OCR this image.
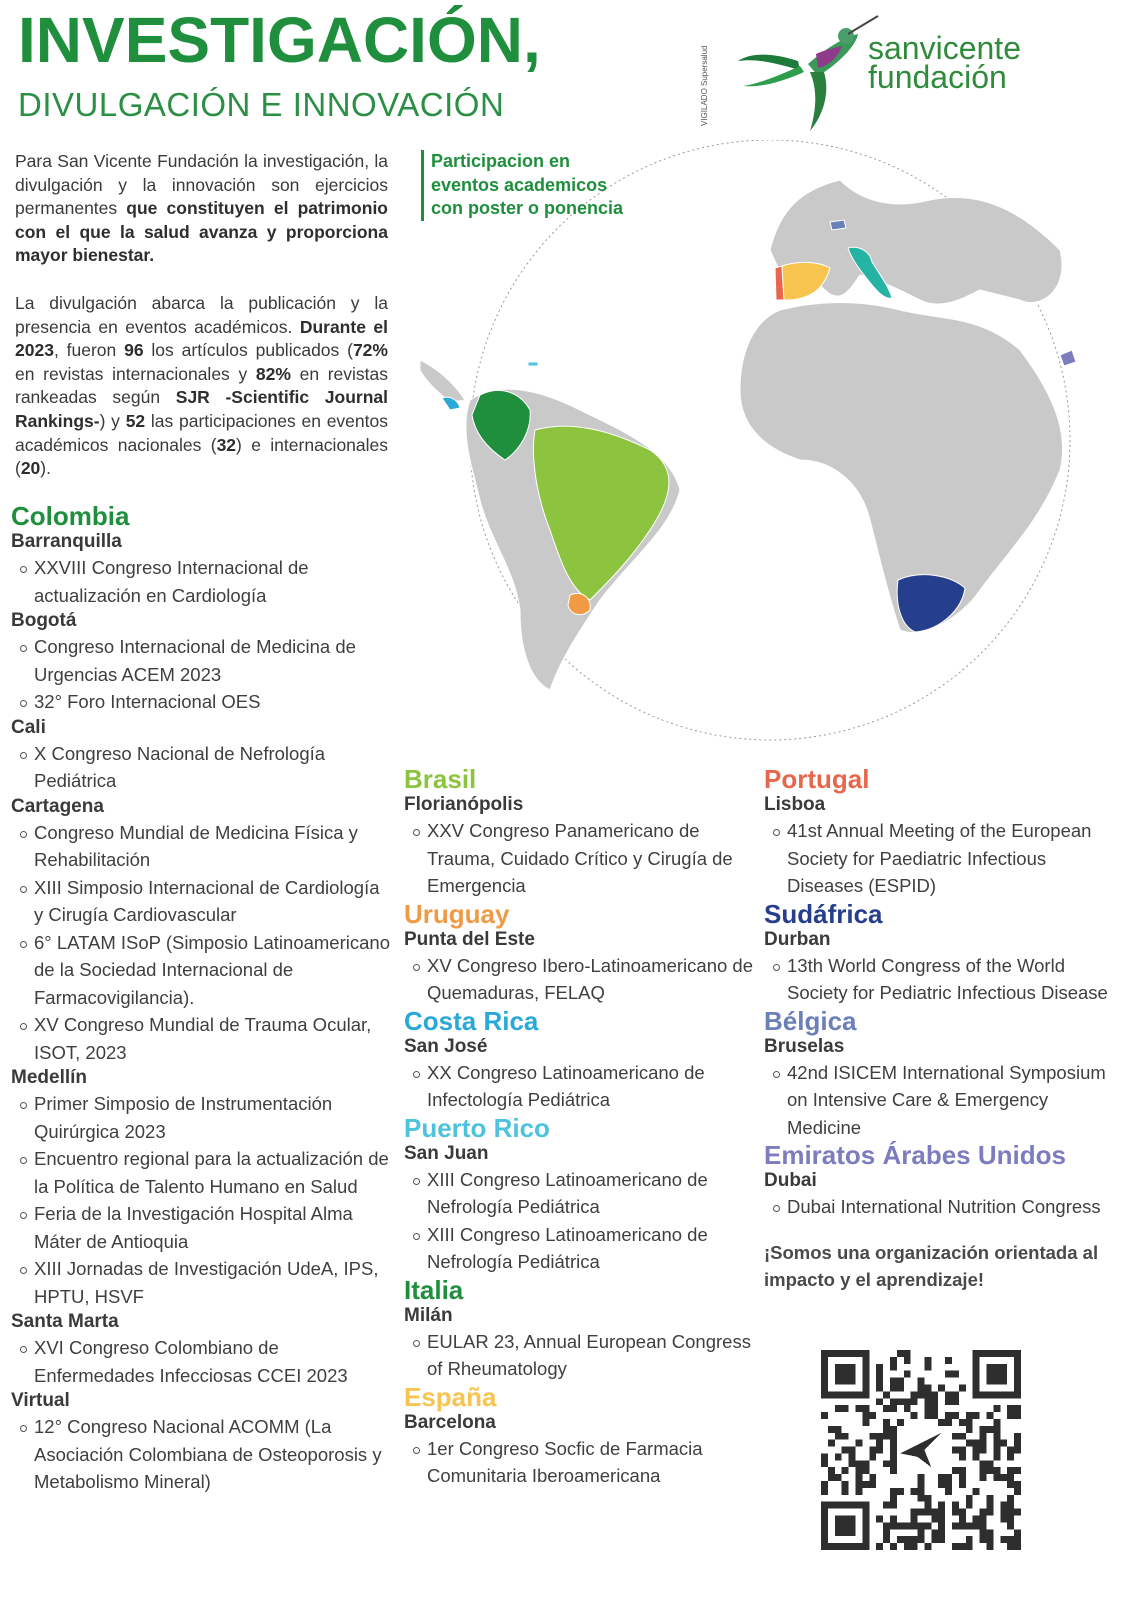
INVESTIGACIÓN,
DIVULGACIÓN E INNOVACIÓN	VIGILADO Supersalud	sanvicente
fundación

Para San Vicente Fundación la investigación, la divulgación y la innovación son ejercicios permanentes que constituyen el patrimonio con el que la salud avanza y proporciona mayor bienestar.

La divulgación abarca la publicación y la presencia en eventos académicos. Durante el 2023, fueron 96 los artículos publicados (72% en revistas internacionales y 82% en revistas rankeadas según SJR -Scientific Journal Rankings-) y 52 las participaciones en eventos académicos nacionales (32) e internacionales (20).

Participacion en
eventos academicos
con poster o ponencia
Colombia
Barranquilla
XXVIII Congreso Internacional de actualización en Cardiología
Bogotá
Congreso Internacional de Medicina de Urgencias ACEM 2023
32° Foro Internacional OES
Cali
X Congreso Nacional de Nefrología Pediátrica
Cartagena
Congreso Mundial de Medicina Física y Rehabilitación
XIII Simposio Internacional de Cardiología y Cirugía Cardiovascular
6° LATAM ISoP (Simposio Latinoamericano de la Sociedad Internacional de Farmacovigilancia).
XV Congreso Mundial de Trauma Ocular, ISOT, 2023
Medellín
Primer Simposio de Instrumentación Quirúrgica 2023
Encuentro regional para la actualización de la Política de Talento Humano en Salud
Feria de la Investigación Hospital Alma Máter de Antioquia
XIII Jornadas de Investigación UdeA, IPS, HPTU, HSVF
Santa Marta
XVI Congreso Colombiano de Enfermedades Infecciosas CCEI 2023
Virtual
12° Congreso Nacional ACOMM (La Asociación Colombiana de Osteoporosis y Metabolismo Mineral)
Brasil
Florianópolis
XXV Congreso Panamericano de Trauma, Cuidado Crítico y Cirugía de Emergencia
Uruguay
Punta del Este
XV Congreso Ibero-Latinoamericano de Quemaduras, FELAQ
Costa Rica
San José
XX Congreso Latinoamericano de Infectología Pediátrica
Puerto Rico
San Juan
XIII Congreso Latinoamericano de Nefrología Pediátrica
XIII Congreso Latinoamericano de Nefrología Pediátrica
Italia
Milán
EULAR 23, Annual European Congress of Rheumatology
España
Barcelona
1er Congreso Socfic de Farmacia Comunitaria Iberoamericana
Portugal
Lisboa
41st Annual Meeting of the European Society for Paediatric Infectious Diseases (ESPID)
Sudáfrica
Durban
13th World Congress of the World Society for Pediatric Infectious Disease
Bélgica
Bruselas
42nd ISICEM International Symposium on Intensive Care & Emergency Medicine
Emiratos Árabes Unidos
Dubai
Dubai International Nutrition Congress
¡Somos una organización orientada al impacto y el aprendizaje!
